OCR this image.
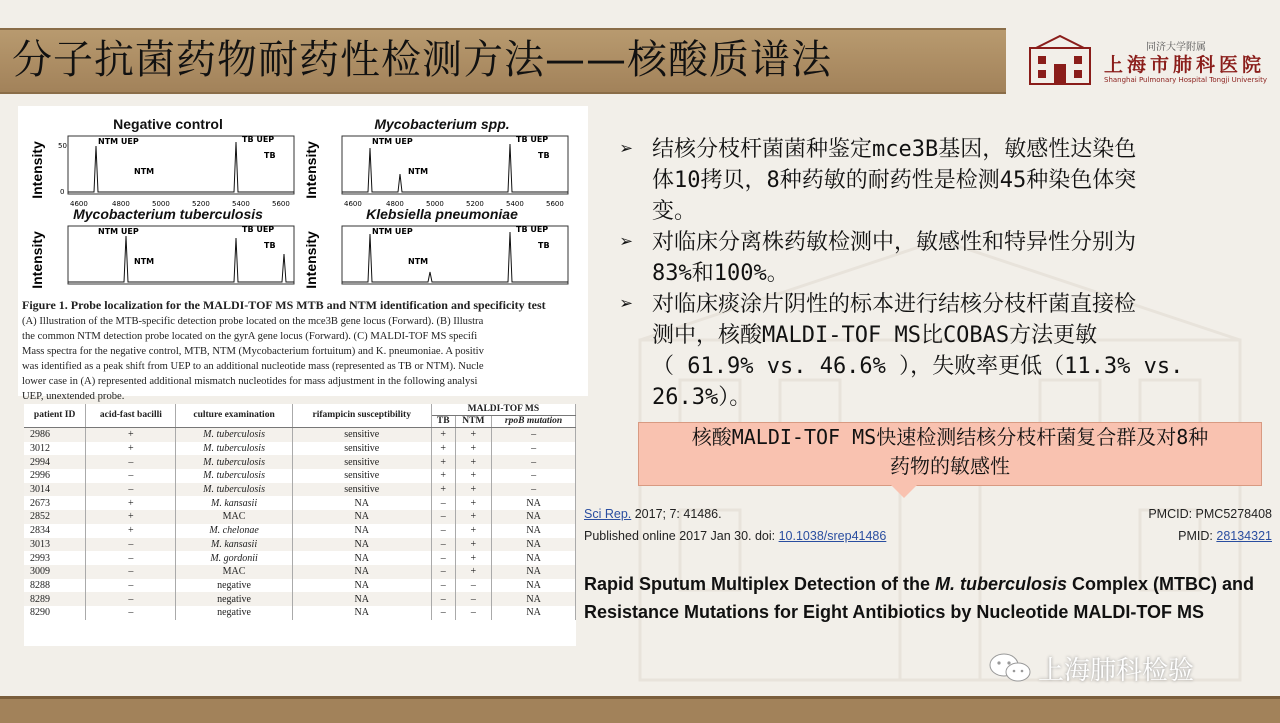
分子抗菌药物耐药性检测方法——核酸质谱法	同济大学附属
上海市肺科医院
Shanghai Pulmonary Hospital Tongji University
Negative control
Intensity 50
0
NTM UEP
NTM
TB UEP
TB
4600	4800	5000	5200	5400	5600
Mycobacterium spp.
Intensity	NTM UEP
NTM
TB UEP
TB
4600	4800	5000	5200	5400	5600
Mycobacterium tuberculosis
Intensity	NTM UEP
NTM
TB UEP
TB
Klebsiella pneumoniae
Intensity	NTM UEP
NTM
TB UEP
TB
Figure 1. Probe localization for the MALDI-TOF MS MTB and NTM identification and specificity test
(A) Illustration of the MTB-specific detection probe located on the mce3B gene locus (Forward). (B) Illustra
the common NTM detection probe located on the gyrA gene locus (Forward). (C) MALDI-TOF MS specifi
Mass spectra for the negative control, MTB, NTM (Mycobacterium fortuitum) and K. pneumoniae. A positiv
was identified as a peak shift from UEP to an additional nucleotide mass (represented as TB or NTM). Nucle
lower case in (A) represented additional mismatch nucleotides for mass adjustment in the following analysi
UEP, unextended probe.
patient ID	acid-fast bacilli	culture examination	rifampicin susceptibility	MALDI-TOF MS		
				TB	NTM	rpoB mutation
2986	+	M. tuberculosis	sensitive	+	+	–
3012	+	M. tuberculosis	sensitive	+	+	–
2994	–	M. tuberculosis	sensitive	+	+	–
2996	–	M. tuberculosis	sensitive	+	+	–
3014	–	M. tuberculosis	sensitive	+	+	–
2673	+	M. kansasii	NA	–	+	NA
2852	+	MAC	NA	–	+	NA
2834	+	M. chelonae	NA	–	+	NA
3013	–	M. kansasii	NA	–	+	NA
2993	–	M. gordonii	NA	–	+	NA
3009	–	MAC	NA	–	+	NA
8288	–	negative	NA	–	–	NA
8289	–	negative	NA	–	–	NA
8290	–	negative	NA	–	–	NA
➢ 结核分枝杆菌菌种鉴定mce3B基因，敏感性达染色
体10拷贝，8种药敏的耐药性是检测45种染色体突
变。
➢ 对临床分离株药敏检测中，敏感性和特异性分别为
83%和100%。
➢ 对临床痰涂片阴性的标本进行结核分枝杆菌直接检
测中，核酸MALDI-TOF MS比COBAS方法更敏
（ 61.9% vs. 46.6% ），失败率更低（11.3% vs.
26.3%）。
核酸MALDI-TOF MS快速检测结核分枝杆菌复合群及对8种
药物的敏感性
Sci Rep. 2017; 7: 41486.	PMCID: PMC5278408
Published online 2017 Jan 30. doi: 10.1038/srep41486	PMID: 28134321
Rapid Sputum Multiplex Detection of the M. tuberculosis Complex (MTBC) and Resistance Mutations for Eight Antibiotics by Nucleotide MALDI-TOF MS
上海肺科检验
